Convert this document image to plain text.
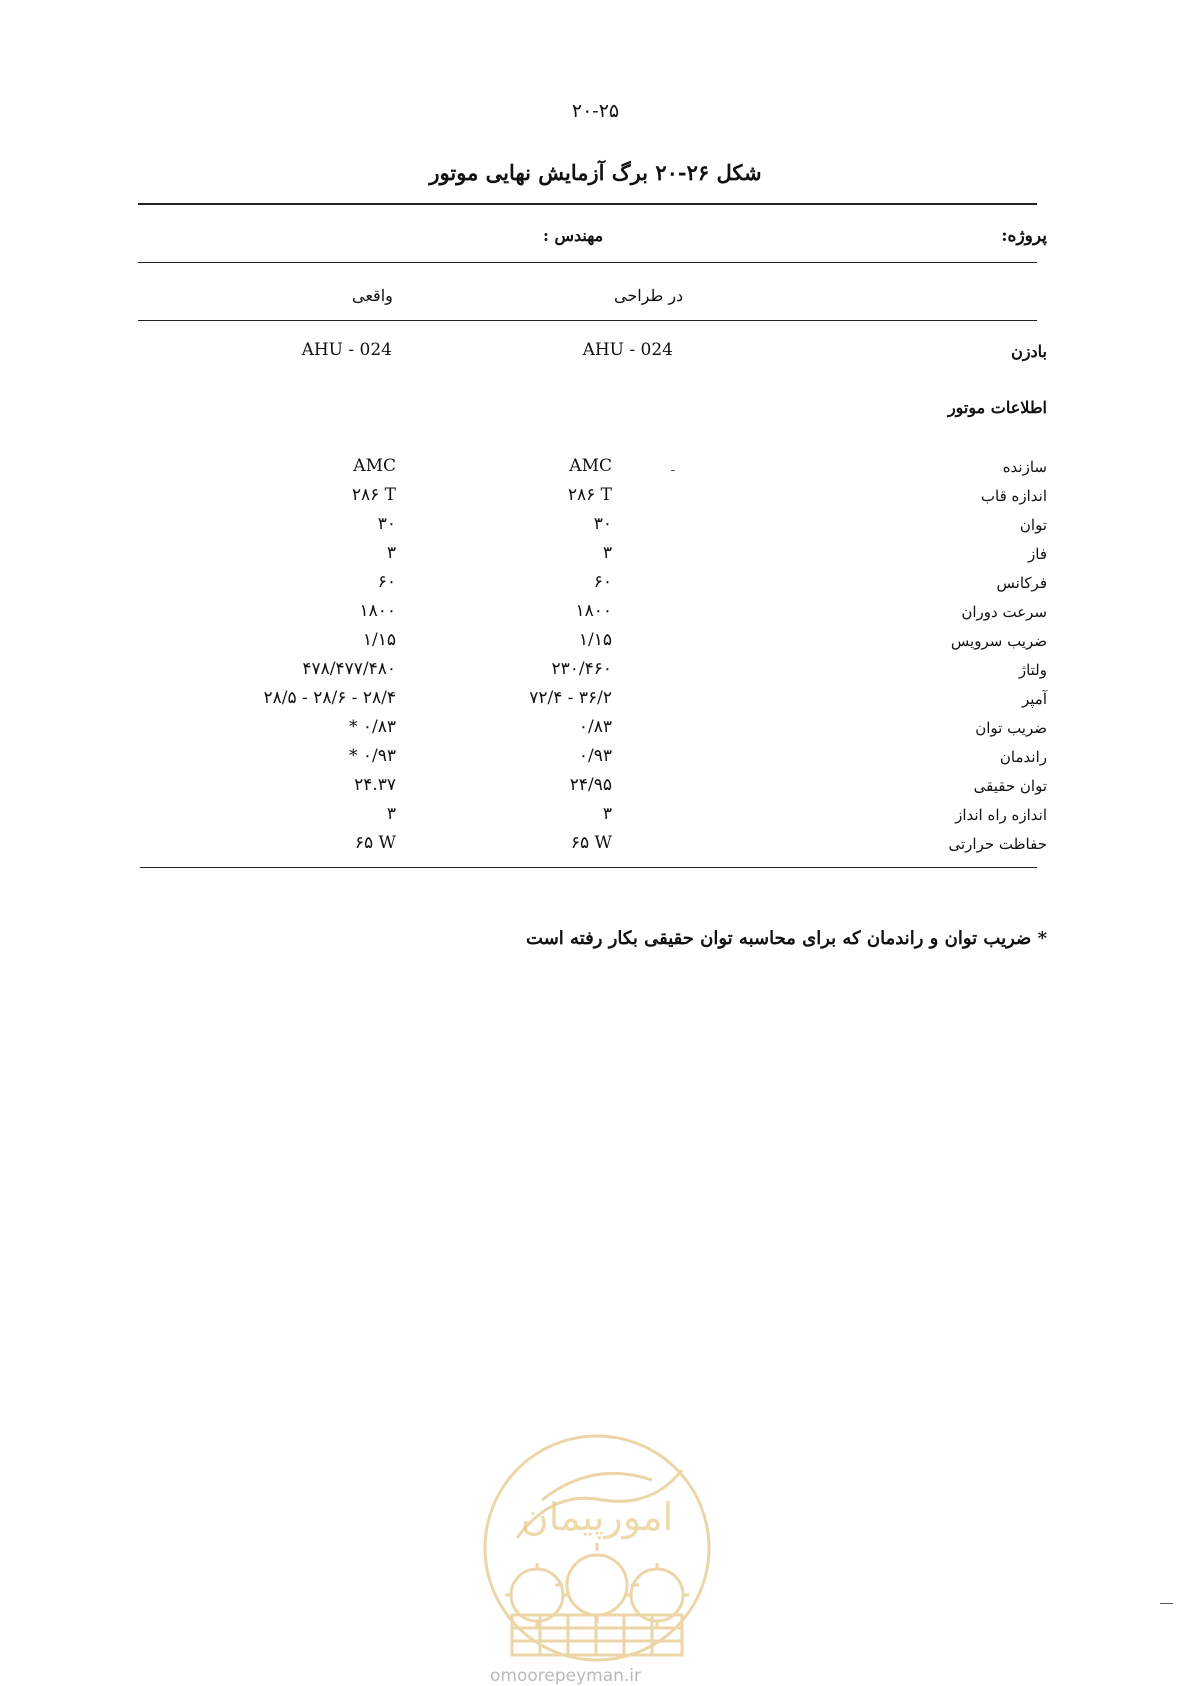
۲۰-۲۵
شکل ۲۶-۲۰ برگ آزمایش نهایی موتور
پروژه:
مهندس :
در طراحی
واقعی
بادزن
AHU - 024
AHU - 024
اطلاعات موتور
سازنده
AMC
AMC
اندازه قاب
۲۸۶ T
۲۸۶ T
توان
۳۰
۳۰
فاز
۳
۳
فرکانس
۶۰
۶۰
سرعت دوران
۱۸۰۰
۱۸۰۰
ضریب سرویس
۱/۱۵
۱/۱۵
ولتاژ
۲۳۰/۴۶۰
۴۷۸/۴۷۷/۴۸۰
آمپر
۷۲/۴ - ۳۶/۲
۲۸/۵ - ۲۸/۶ - ۲۸/۴
ضریب توان
۰/۸۳
* ۰/۸۳
راندمان
۰/۹۳
* ۰/۹۳
توان حقیقی
۲۴/۹۵
۲۴.۳۷
اندازه راه انداز
۳
۳
حفاظت حرارتی
۶۵ W
۶۵ W
* ضریب توان و راندمان که برای محاسبه توان حقیقی بکار رفته است
امورپیمان
omoorepeyman.ir
